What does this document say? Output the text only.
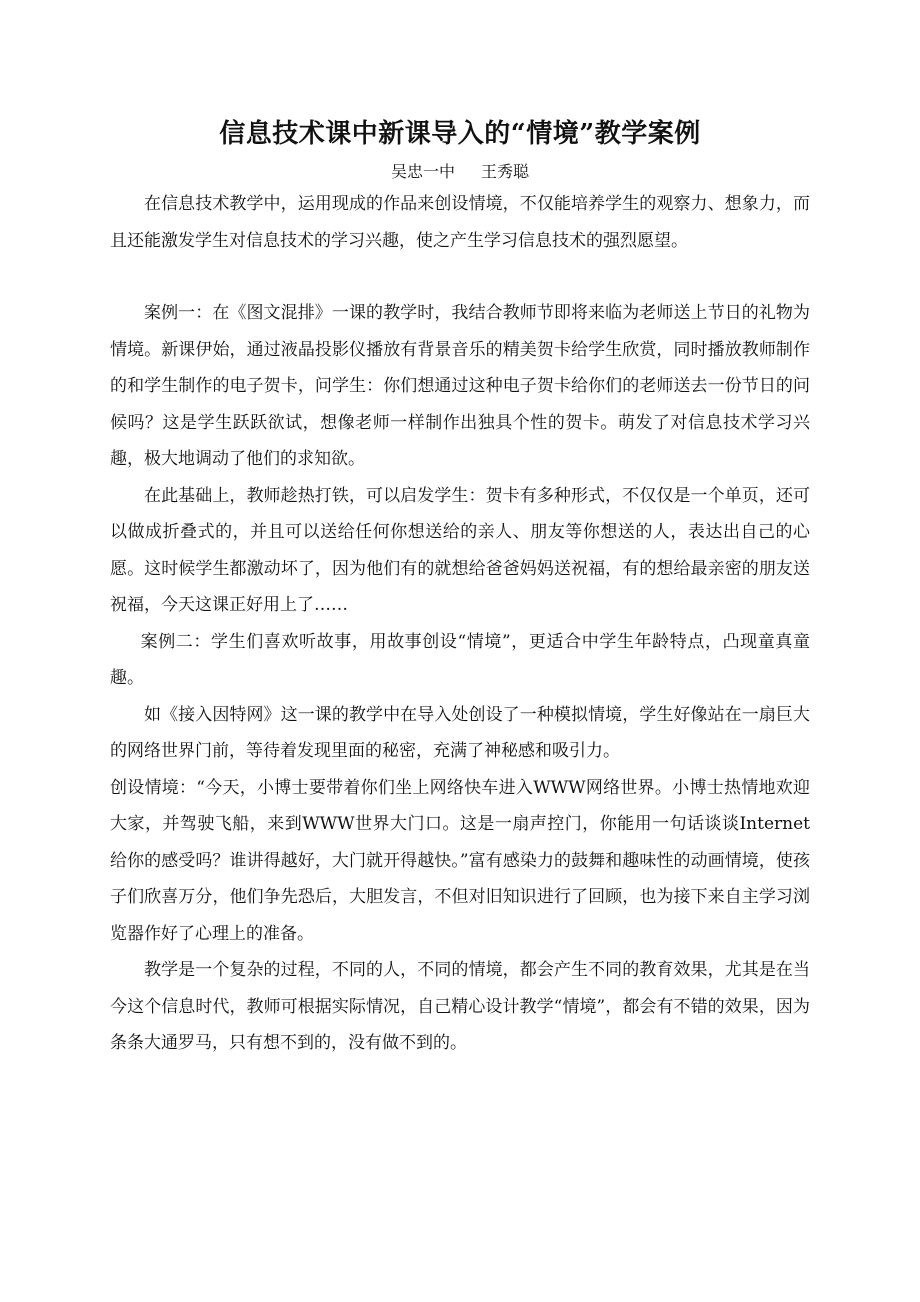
信息技术课中新课导入的“情境”教学案例
吴忠一中 王秀聪

在信息技术教学中，运用现成的作品来创设情境，不仅能培养学生的观察力、想象力，而且还能激发学生对信息技术的学习兴趣，使之产生学习信息技术的强烈愿望。

案例一：在《图文混排》一课的教学时，我结合教师节即将来临为老师送上节日的礼物为情境。新课伊始，通过液晶投影仪播放有背景音乐的精美贺卡给学生欣赏，同时播放教师制作的和学生制作的电子贺卡，问学生：你们想通过这种电子贺卡给你们的老师送去一份节日的问候吗？这是学生跃跃欲试，想像老师一样制作出独具个性的贺卡。萌发了对信息技术学习兴趣，极大地调动了他们的求知欲。

在此基础上，教师趁热打铁，可以启发学生：贺卡有多种形式，不仅仅是一个单页，还可以做成折叠式的，并且可以送给任何你想送给的亲人、朋友等你想送的人，表达出自己的心愿。这时候学生都激动坏了，因为他们有的就想给爸爸妈妈送祝福，有的想给最亲密的朋友送祝福，今天这课正好用上了……

案例二：学生们喜欢听故事，用故事创设“情境”，更适合中学生年龄特点，凸现童真童趣。

如《接入因特网》这一课的教学中在导入处创设了一种模拟情境，学生好像站在一扇巨大的网络世界门前，等待着发现里面的秘密，充满了神秘感和吸引力。

创设情境：“今天，小博士要带着你们坐上网络快车进入WWW网络世界。小博士热情地欢迎大家，并驾驶飞船，来到WWW世界大门口。这是一扇声控门，你能用一句话谈谈Internet给你的感受吗？谁讲得越好，大门就开得越快。”富有感染力的鼓舞和趣味性的动画情境，使孩子们欣喜万分，他们争先恐后，大胆发言，不但对旧知识进行了回顾，也为接下来自主学习浏览器作好了心理上的准备。

教学是一个复杂的过程，不同的人，不同的情境，都会产生不同的教育效果，尤其是在当今这个信息时代，教师可根据实际情况，自己精心设计教学“情境”，都会有不错的效果，因为条条大通罗马，只有想不到的，没有做不到的。
